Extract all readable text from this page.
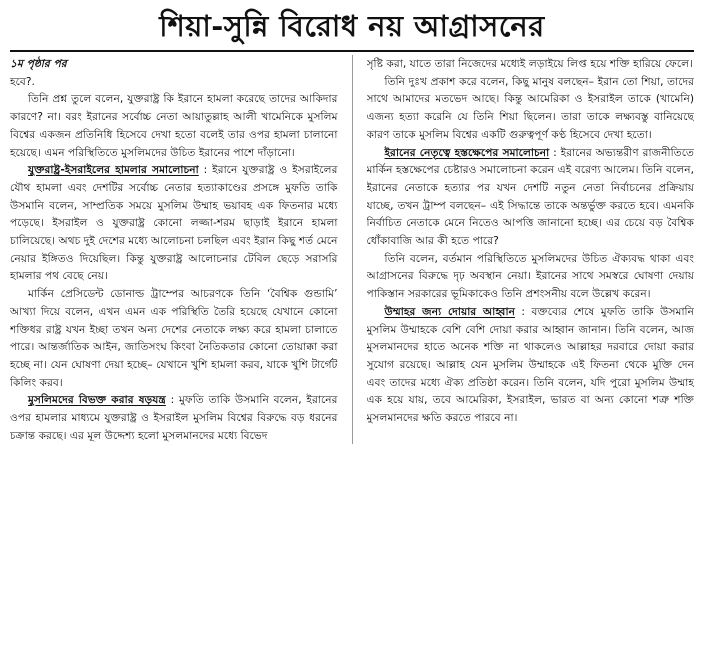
শিয়া-সুন্নি বিরোধ নয় আগ্রাসনের

১ম পৃষ্ঠার পর

হবে?.

তিনি প্রশ্ন তুলে বলেন, যুক্তরাষ্ট্র কি ইরানে হামলা করেছে তাদের আকিদার কারণে? না। বরং ইরানের সর্বোচ্চ নেতা আয়াতুল্লাহ আলী খামেনিকে মুসলিম বিশ্বের একজন প্রতিনিধি হিসেবে দেখা হতো বলেই তার ওপর হামলা চালানো হয়েছে। এমন পরিস্থিতিতে মুসলিমদের উচিত ইরানের পাশে দাঁড়ানো।

যুক্তরাষ্ট্র-ইসরাইলের হামলার সমালোচনা : ইরানে যুক্তরাষ্ট্র ও ইসরাইলের যৌথ হামলা এবং দেশটির সর্বোচ্চ নেতার হত্যাকাণ্ডের প্রসঙ্গে মুফতি তাকি উসমানি বলেন, সাম্প্রতিক সময়ে মুসলিম উম্মাহ ভয়াবহ এক ফিতনার মধ্যে পড়েছে। ইসরাইল ও যুক্তরাষ্ট্র কোনো লজ্জা-শরম ছাড়াই ইরানে হামলা চালিয়েছে। অথচ দুই দেশের মধ্যে আলোচনা চলছিল এবং ইরান কিছু শর্ত মেনে নেয়ার ইঙ্গিতও দিয়েছিল। কিন্তু যুক্তরাষ্ট্র আলোচনার টেবিল ছেড়ে সরাসরি হামলার পথ বেছে নেয়।

মার্কিন প্রেসিডেন্ট ডোনাল্ড ট্রাম্পের আচরণকে তিনি ‘বৈশ্বিক গুন্ডামি’ আখ্যা দিয়ে বলেন, এখন এমন এক পরিস্থিতি তৈরি হয়েছে যেখানে কোনো শক্তিধর রাষ্ট্র যখন ইচ্ছা তখন অন্য দেশের নেতাকে লক্ষ্য করে হামলা চালাতে পারে। আন্তর্জাতিক আইন, জাতিসংঘ কিংবা নৈতিকতার কোনো তোয়াক্কা করা হচ্ছে না। যেন ঘোষণা দেয়া হচ্ছে– যেখানে খুশি হামলা করব, যাকে খুশি টার্গেট কিলিং করব।

মুসলিমদের বিভক্ত করার ষড়যন্ত্র : মুফতি তাকি উসমানি বলেন, ইরানের ওপর হামলার মাধ্যমে যুক্তরাষ্ট্র ও ইসরাইল মুসলিম বিশ্বের বিরুদ্ধে বড় ধরনের চক্রান্ত করছে। এর মূল উদ্দেশ্য হলো মুসলমানদের মধ্যে বিভেদ

সৃষ্টি করা, যাতে তারা নিজেদের মধ্যেই লড়াইয়ে লিপ্ত হয়ে শক্তি হারিয়ে ফেলে।

তিনি দুঃখ প্রকাশ করে বলেন, কিছু মানুষ বলছেন– ইরান তো শিয়া, তাদের সাথে আমাদের মতভেদ আছে। কিন্তু আমেরিকা ও ইসরাইল তাকে (খামেনি) এজন্য হত্যা করেনি যে তিনি শিয়া ছিলেন। তারা তাকে লক্ষ্যবস্তু বানিয়েছে কারণ তাকে মুসলিম বিশ্বের একটি গুরুত্বপূর্ণ কণ্ঠ হিসেবে দেখা হতো।

ইরানের নেতৃত্বে হস্তক্ষেপের সমালোচনা : ইরানের অভ্যন্তরীণ রাজনীতিতে মার্কিন হস্তক্ষেপের চেষ্টারও সমালোচনা করেন এই বরেণ্য আলেম। তিনি বলেন, ইরানের নেতাকে হত্যার পর যখন দেশটি নতুন নেতা নির্বাচনের প্রক্রিয়ায় যাচ্ছে, তখন ট্রাম্প বলছেন– এই সিদ্ধান্তে তাকে অন্তর্ভুক্ত করতে হবে। এমনকি নির্বাচিত নেতাকে মেনে নিতেও আপত্তি জানানো হচ্ছে। এর চেয়ে বড় বৈশ্বিক ধোঁকাবাজি আর কী হতে পারে?

তিনি বলেন, বর্তমান পরিস্থিতিতে মুসলিমদের উচিত ঐক্যবদ্ধ থাকা এবং আগ্রাসনের বিরুদ্ধে দৃঢ় অবস্থান নেয়া। ইরানের সাথে সমস্বরে ঘোষণা দেয়ায় পাকিস্তান সরকারের ভূমিকাকেও তিনি প্রশংসনীয় বলে উল্লেখ করেন।

উম্মাহর জন্য দোয়ার আহ্বান : বক্তব্যের শেষে মুফতি তাকি উসমানি মুসলিম উম্মাহকে বেশি বেশি দোয়া করার আহ্বান জানান। তিনি বলেন, আজ মুসলমানদের হাতে অনেক শক্তি না থাকলেও আল্লাহর দরবারে দোয়া করার সুযোগ রয়েছে। আল্লাহ যেন মুসলিম উম্মাহকে এই ফিতনা থেকে মুক্তি দেন এবং তাদের মধ্যে ঐক্য প্রতিষ্ঠা করেন। তিনি বলেন, যদি পুরো মুসলিম উম্মাহ এক হয়ে যায়, তবে আমেরিকা, ইসরাইল, ভারত বা অন্য কোনো শত্রু শক্তি মুসলমানদের ক্ষতি করতে পারবে না।
